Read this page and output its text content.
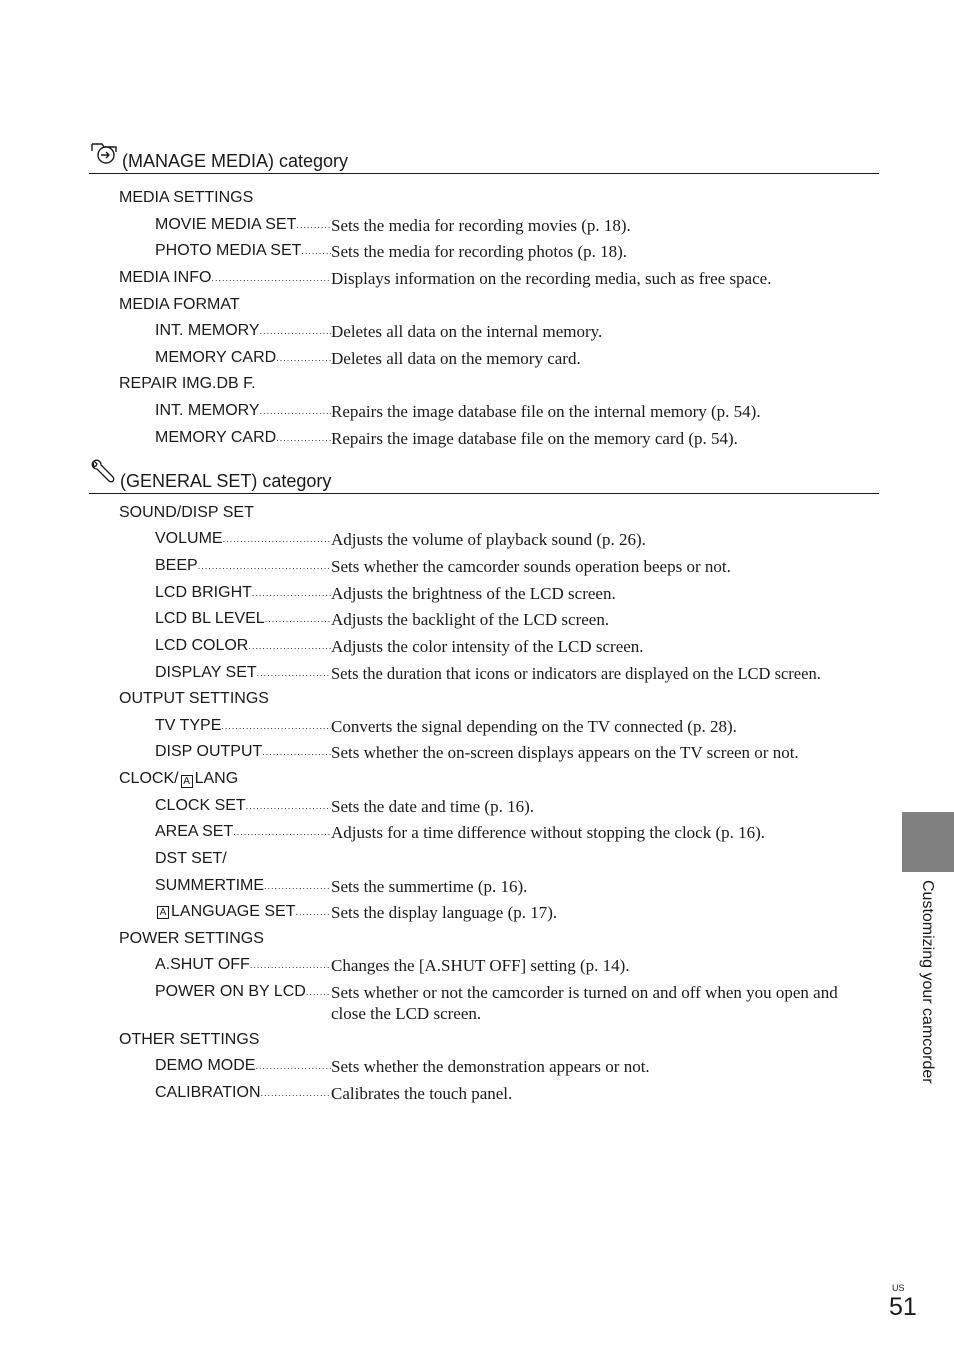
(MANAGE MEDIA) category
MEDIA SETTINGS
MOVIE MEDIA SET ..... Sets the media for recording movies (p. 18).
PHOTO MEDIA SET ..... Sets the media for recording photos (p. 18).
MEDIA INFO .....	Displays information on the recording media, such as free space.
MEDIA FORMAT
INT. MEMORY .....	Deletes all data on the internal memory.
MEMORY CARD .....	Deletes all data on the memory card.
REPAIR IMG.DB F.
INT. MEMORY .....	Repairs the image database file on the internal memory (p. 54).
MEMORY CARD .....	Repairs the image database file on the memory card (p. 54).
(GENERAL SET) category
SOUND/DISP SET
VOLUME .....	Adjusts the volume of playback sound (p. 26).
BEEP .....	Sets whether the camcorder sounds operation beeps or not.
LCD BRIGHT .....	Adjusts the brightness of the LCD screen.
LCD BL LEVEL .....	Adjusts the backlight of the LCD screen.
LCD COLOR .....	Adjusts the color intensity of the LCD screen.
DISPLAY SET .....	Sets the duration that icons or indicators are displayed on the LCD screen.
OUTPUT SETTINGS
TV TYPE .....	Converts the signal depending on the TV connected (p. 28).
DISP OUTPUT .....	Sets whether the on-screen displays appears on the TV screen or not.
CLOCK/ A LANG
CLOCK SET .....	Sets the date and time (p. 16).
AREA SET .....	Adjusts for a time difference without stopping the clock (p. 16).
DST SET/
SUMMERTIME .....	Sets the summertime (p. 16).
A LANGUAGE SET ..... Sets the display language (p. 17).
POWER SETTINGS
A.SHUT OFF .....	Changes the [A.SHUT OFF] setting (p. 14).
POWER ON BY LCD ..... Sets whether or not the camcorder is turned on and off when you open and close the LCD screen.
OTHER SETTINGS
DEMO MODE .....	Sets whether the demonstration appears or not.
CALIBRATION .....	Calibrates the touch panel.
Customizing your camcorder
US
51
